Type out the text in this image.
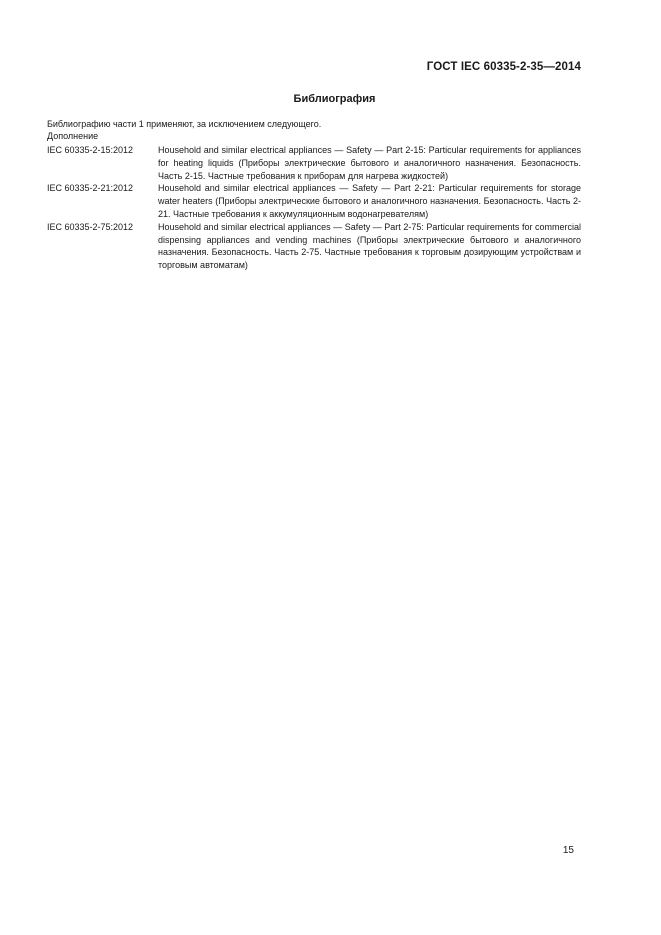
ГОСТ IEC 60335-2-35—2014
Библиография
Библиографию части 1 применяют, за исключением следующего.
Дополнение
IEC 60335-2-15:2012	Household and similar electrical appliances — Safety — Part 2-15: Particular requirements for appliances for heating liquids (Приборы электрические бытового и аналогичного назначения. Безопасность. Часть 2-15. Частные требования к приборам для нагрева жидкостей)
IEC 60335-2-21:2012	Household and similar electrical appliances — Safety — Part 2-21: Particular requirements for storage water heaters (Приборы электрические бытового и аналогичного назначения. Безопасность. Часть 2-21. Частные требования к аккумуляционным водонагревателям)
IEC 60335-2-75:2012	Household and similar electrical appliances — Safety — Part 2-75: Particular requirements for commercial dispensing appliances and vending machines (Приборы электрические бытового и аналогичного назначения. Безопасность. Часть 2-75. Частные требования к торговым дозирующим устройствам и торговым автоматам)
15
